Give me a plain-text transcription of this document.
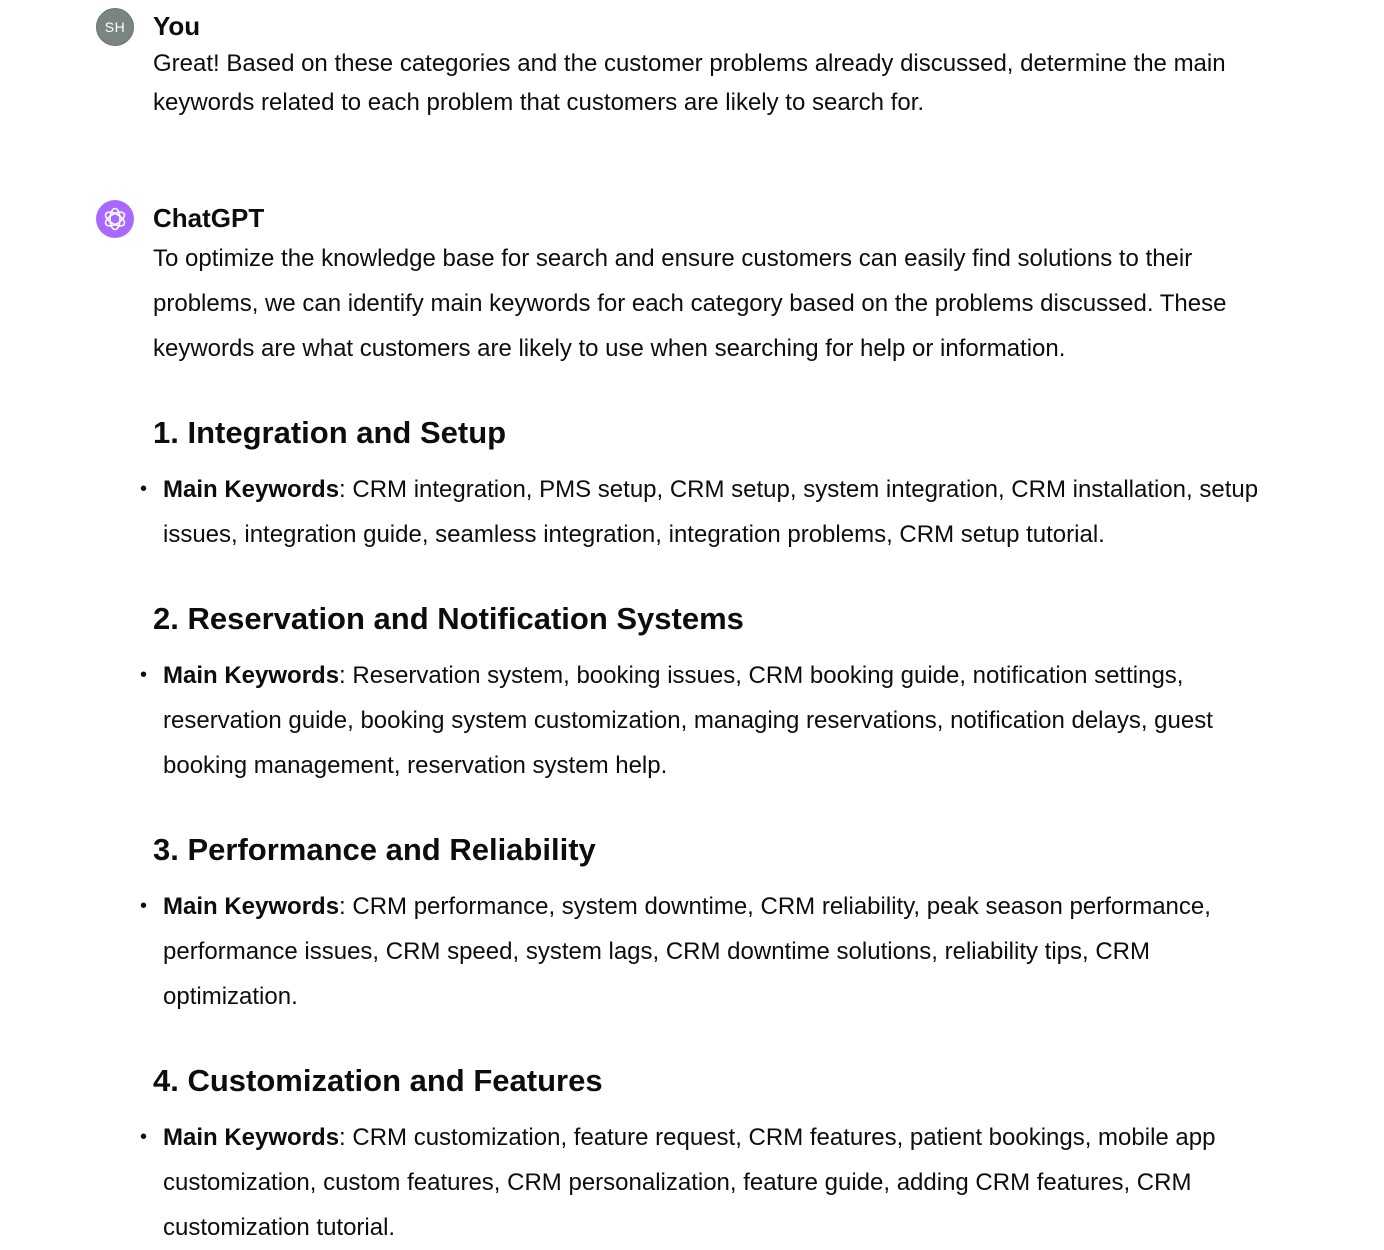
SH You

Great! Based on these categories and the customer problems already discussed, determine the main keywords related to each problem that customers are likely to search for.

ChatGPT

To optimize the knowledge base for search and ensure customers can easily find solutions to their problems, we can identify main keywords for each category based on the problems discussed. These keywords are what customers are likely to use when searching for help or information.

1. Integration and Setup
• Main Keywords: CRM integration, PMS setup, CRM setup, system integration, CRM installation, setup issues, integration guide, seamless integration, integration problems, CRM setup tutorial.
2. Reservation and Notification Systems
• Main Keywords: Reservation system, booking issues, CRM booking guide, notification settings, reservation guide, booking system customization, managing reservations, notification delays, guest booking management, reservation system help.
3. Performance and Reliability
• Main Keywords: CRM performance, system downtime, CRM reliability, peak season performance, performance issues, CRM speed, system lags, CRM downtime solutions, reliability tips, CRM optimization.
4. Customization and Features
• Main Keywords: CRM customization, feature request, CRM features, patient bookings, mobile app customization, custom features, CRM personalization, feature guide, adding CRM features, CRM customization tutorial.
